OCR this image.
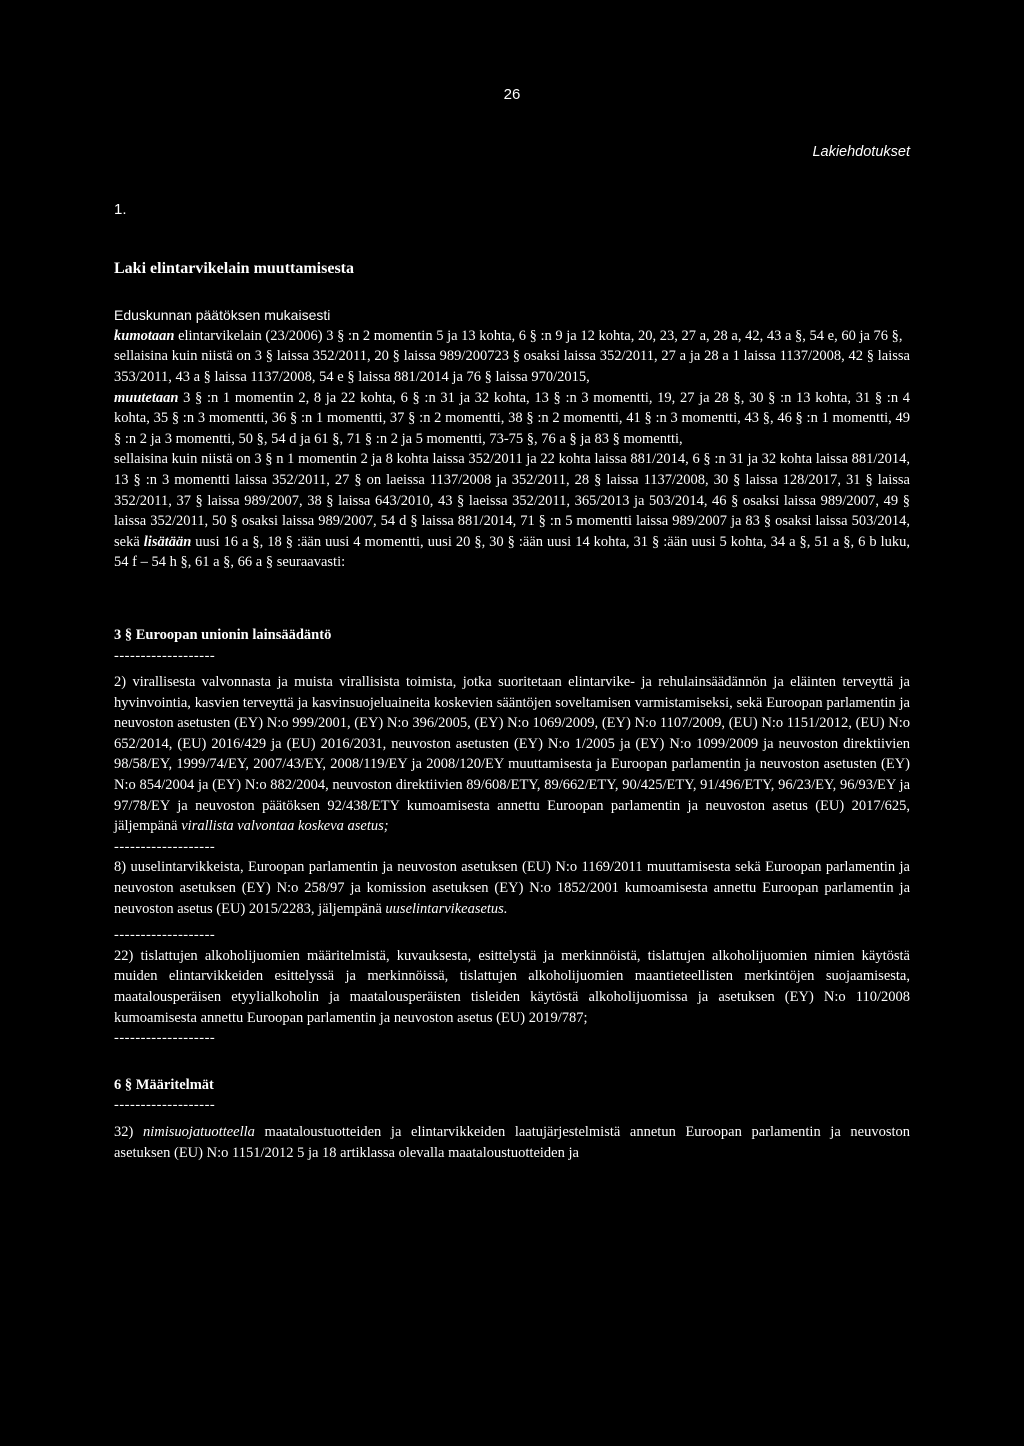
26
Lakiehdotukset

1.

Laki elintarvikelain muuttamisesta

Eduskunnan päätöksen mukaisesti

kumotaan elintarvikelain (23/2006) 3 § :n 2 momentin 5 ja 13 kohta, 6 § :n 9 ja 12 kohta, 20, 23, 27 a, 28 a, 42, 43 a §, 54 e, 60 ja 76 §,

sellaisina kuin niistä on 3 § laissa 352/2011, 20 § laissa 989/200723 § osaksi laissa 352/2011, 27 a ja 28 a 1 laissa 1137/2008, 42 § laissa 353/2011, 43 a § laissa 1137/2008, 54 e § laissa 881/2014 ja 76 § laissa 970/2015,

muutetaan 3 § :n 1 momentin 2, 8 ja 22 kohta, 6 § :n 31 ja 32 kohta, 13 § :n 3 momentti, 19, 27 ja 28 §, 30 § :n 13 kohta, 31 § :n 4 kohta, 35 § :n 3 momentti, 36 § :n 1 momentti, 37 § :n 2 momentti, 38 § :n 2 momentti, 41 § :n 3 momentti, 43 §, 46 § :n 1 momentti, 49 § :n 2 ja 3 momentti, 50 §, 54 d ja 61 §, 71 § :n 2 ja 5 momentti, 73-75 §, 76 a § ja 83 § momentti,

sellaisina kuin niistä on 3 § n 1 momentin 2 ja 8 kohta laissa 352/2011 ja 22 kohta laissa 881/2014, 6 § :n 31 ja 32 kohta laissa 881/2014, 13 § :n 3 momentti laissa 352/2011, 27 § on laeissa 1137/2008 ja 352/2011, 28 § laissa 1137/2008, 30 § laissa 128/2017, 31 § laissa 352/2011, 37 § laissa 989/2007, 38 § laissa 643/2010, 43 § laeissa 352/2011, 365/2013 ja 503/2014, 46 § osaksi laissa 989/2007, 49 § laissa 352/2011, 50 § osaksi laissa 989/2007, 54 d § laissa 881/2014, 71 § :n 5 momentti laissa 989/2007 ja 83 § osaksi laissa 503/2014, sekä lisätään uusi 16 a §, 18 § :ään uusi 4 momentti, uusi 20 §, 30 § :ään uusi 14 kohta, 31 § :ään uusi 5 kohta, 34 a §, 51 a §, 6 b luku, 54 f – 54 h §, 61 a §, 66 a § seuraavasti:

3 § Euroopan unionin lainsäädäntö

-------------------

2) virallisesta valvonnasta ja muista virallisista toimista, jotka suoritetaan elintarvike- ja rehulainsäädännön ja eläinten terveyttä ja hyvinvointia, kasvien terveyttä ja kasvinsuojeluaineita koskevien sääntöjen soveltamisen varmistamiseksi, sekä Euroopan parlamentin ja neuvoston asetusten (EY) N:o 999/2001, (EY) N:o 396/2005, (EY) N:o 1069/2009, (EY) N:o 1107/2009, (EU) N:o 1151/2012, (EU) N:o 652/2014, (EU) 2016/429 ja (EU) 2016/2031, neuvoston asetusten (EY) N:o 1/2005 ja (EY) N:o 1099/2009 ja neuvoston direktiivien 98/58/EY, 1999/74/EY, 2007/43/EY, 2008/119/EY ja 2008/120/EY muuttamisesta ja Euroopan parlamentin ja neuvoston asetusten (EY) N:o 854/2004 ja (EY) N:o 882/2004, neuvoston direktiivien 89/608/ETY, 89/662/ETY, 90/425/ETY, 91/496/ETY, 96/23/EY, 96/93/EY ja 97/78/EY ja neuvoston päätöksen 92/438/ETY kumoamisesta annettu Euroopan parlamentin ja neuvoston asetus (EU) 2017/625, jäljempänä virallista valvontaa koskeva asetus;

-------------------

8) uuselintarvikkeista, Euroopan parlamentin ja neuvoston asetuksen (EU) N:o 1169/2011 muuttamisesta sekä Euroopan parlamentin ja neuvoston asetuksen (EY) N:o 258/97 ja komission asetuksen (EY) N:o 1852/2001 kumoamisesta annettu Euroopan parlamentin ja neuvoston asetus (EU) 2015/2283, jäljempänä uuselintarvikeasetus.

-------------------

22) tislattujen alkoholijuomien määritelmistä, kuvauksesta, esittelystä ja merkinnöistä, tislattujen alkoholijuomien nimien käytöstä muiden elintarvikkeiden esittelyssä ja merkinnöissä, tislattujen alkoholijuomien maantieteellisten merkintöjen suojaamisesta, maatalousperäisen etyylialkoholin ja maatalousperäisten tisleiden käytöstä alkoholijuomissa ja asetuksen (EY) N:o 110/2008 kumoamisesta annettu Euroopan parlamentin ja neuvoston asetus (EU) 2019/787;

-------------------

6 § Määritelmät

-------------------

32) nimisuojatuotteella maataloustuotteiden ja elintarvikkeiden laatujärjestelmistä annetun Euroopan parlamentin ja neuvoston asetuksen (EU) N:o 1151/2012 5 ja 18 artiklassa olevalla maataloustuotteiden ja
